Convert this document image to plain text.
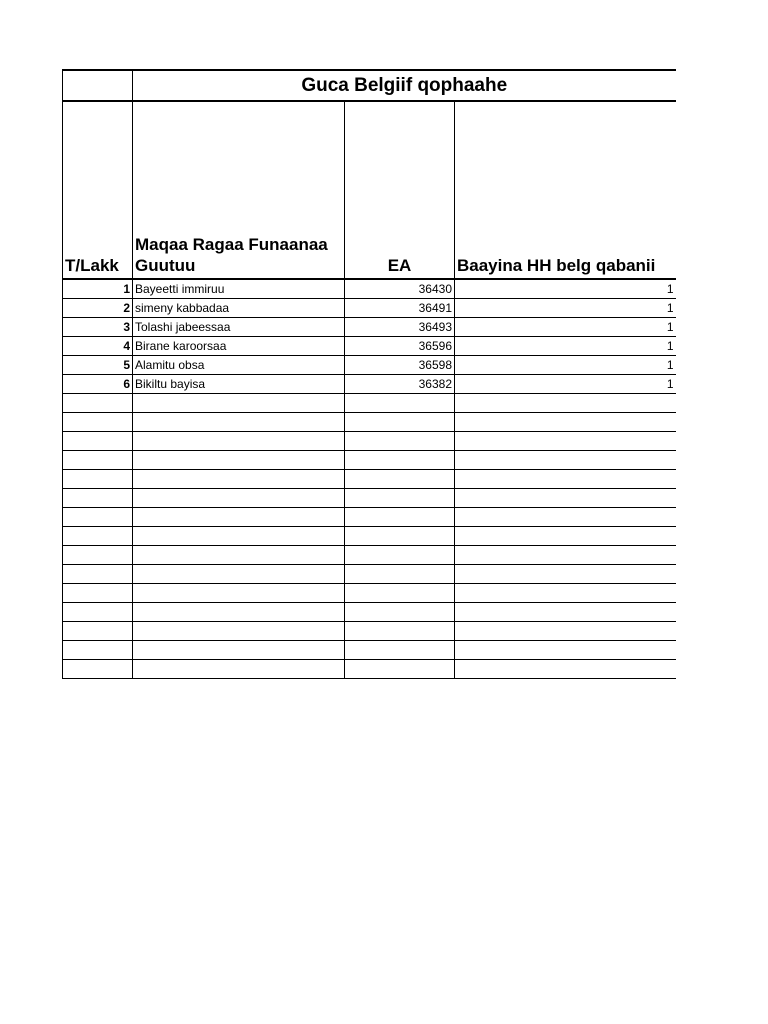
	Guca Belgiif qophaahe		
T/Lakk	Maqaa Ragaa Funaanaa Guutuu	EA	Baayina HH belg qabanii
1	Bayeetti immiruu	36430	1
2	simeny kabbadaa	36491	1
3	Tolashi jabeessaa	36493	1
4	Birane karoorsaa	36596	1
5	Alamitu obsa	36598	1
6	Bikiltu bayisa	36382	1
